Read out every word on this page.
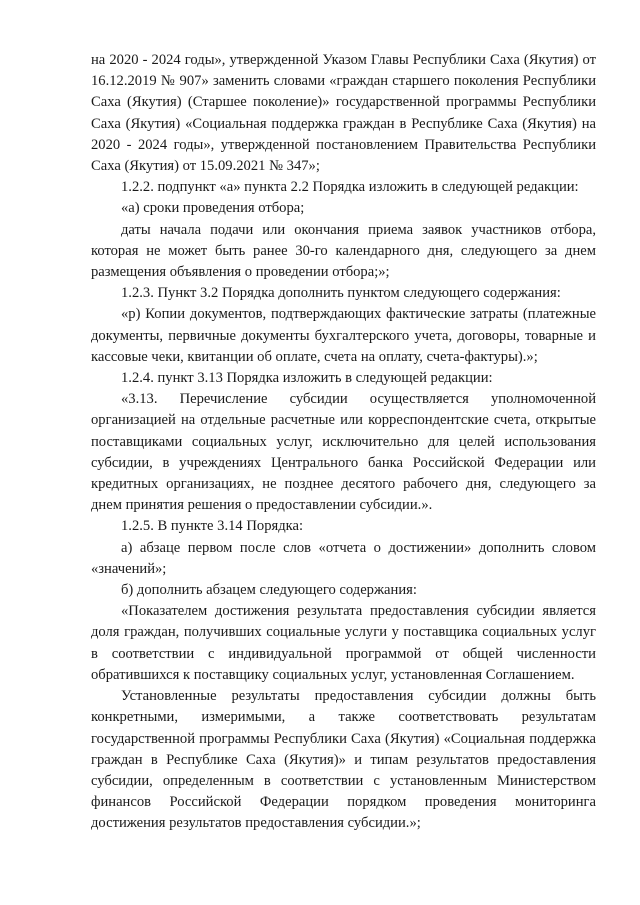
на 2020 - 2024 годы», утвержденной Указом Главы Республики Саха (Якутия) от 16.12.2019 № 907» заменить словами «граждан старшего поколения Республики Саха (Якутия) (Старшее поколение)» государственной программы Республики Саха (Якутия) «Социальная поддержка граждан в Республике Саха (Якутия) на 2020 - 2024 годы», утвержденной постановлением Правительства Республики Саха (Якутия) от 15.09.2021 № 347»;

1.2.2. подпункт «а» пункта 2.2 Порядка изложить в следующей редакции:

«а) сроки проведения отбора;

даты начала подачи или окончания приема заявок участников отбора, которая не может быть ранее 30-го календарного дня, следующего за днем размещения объявления о проведении отбора;»;

1.2.3. Пункт 3.2 Порядка дополнить пунктом следующего содержания:

«р) Копии документов, подтверждающих фактические затраты (платежные документы, первичные документы бухгалтерского учета, договоры, товарные и кассовые чеки, квитанции об оплате, счета на оплату, счета-фактуры).»;

1.2.4. пункт 3.13 Порядка изложить в следующей редакции:

«3.13. Перечисление субсидии осуществляется уполномоченной организацией на отдельные расчетные или корреспондентские счета, открытые поставщиками социальных услуг, исключительно для целей использования субсидии, в учреждениях Центрального банка Российской Федерации или кредитных организациях, не позднее десятого рабочего дня, следующего за днем принятия решения о предоставлении субсидии.».

1.2.5. В пункте 3.14 Порядка:

а) абзаце первом после слов «отчета о достижении» дополнить словом «значений»;

б) дополнить абзацем следующего содержания:

«Показателем достижения результата предоставления субсидии является доля граждан, получивших социальные услуги у поставщика социальных услуг в соответствии с индивидуальной программой от общей численности обратившихся к поставщику социальных услуг, установленная Соглашением.

Установленные результаты предоставления субсидии должны быть конкретными, измеримыми, а также соответствовать результатам государственной программы Республики Саха (Якутия) «Социальная поддержка граждан в Республике Саха (Якутия)» и типам результатов предоставления субсидии, определенным в соответствии с установленным Министерством финансов Российской Федерации порядком проведения мониторинга достижения результатов предоставления субсидии.»;
